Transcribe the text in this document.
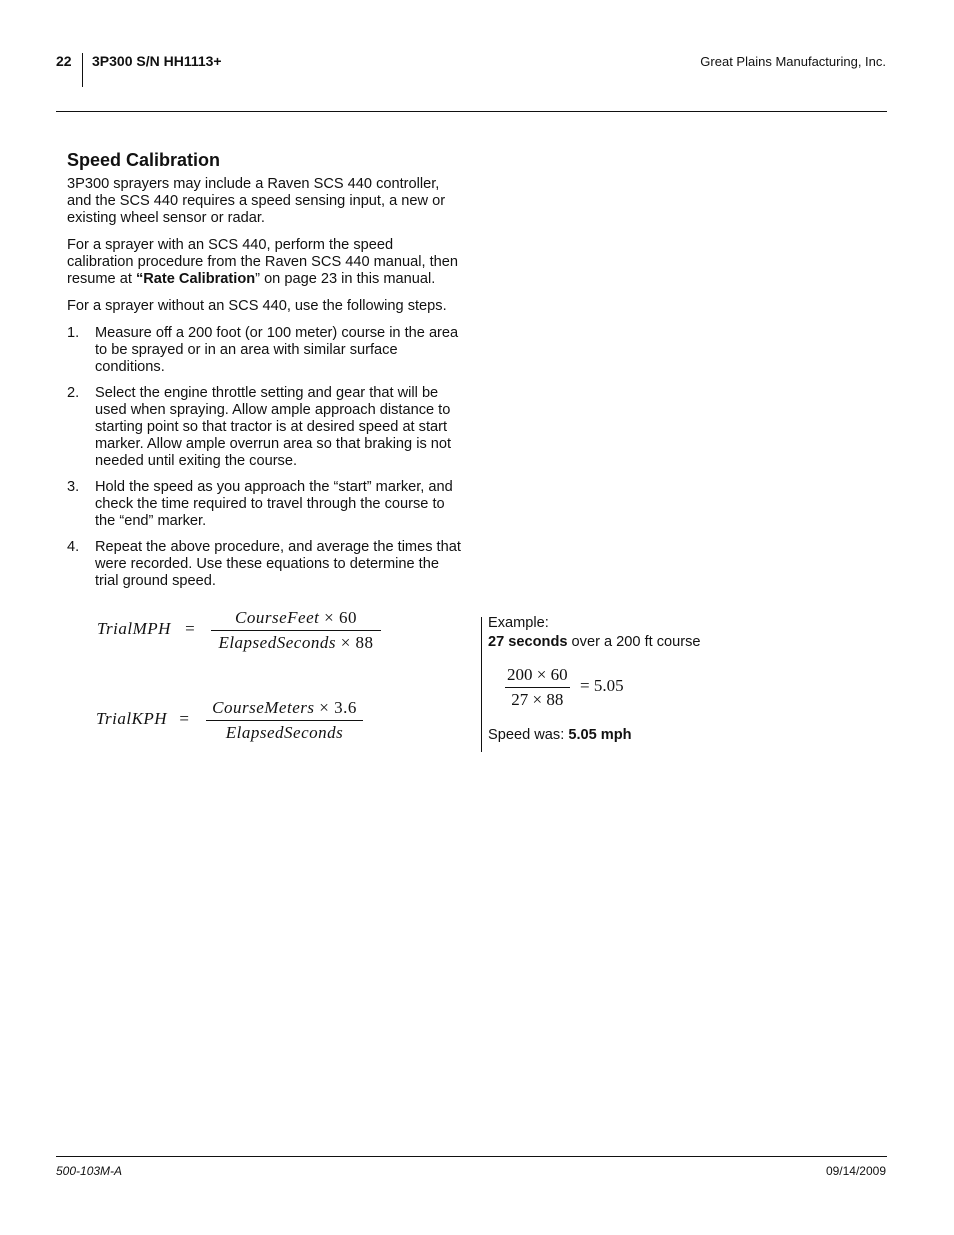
22 3P300 S/N HH1113+	Great Plains Manufacturing, Inc.
Speed Calibration

3P300 sprayers may include a Raven SCS 440 controller, and the SCS 440 requires a speed sensing input, a new or existing wheel sensor or radar.

For a sprayer with an SCS 440, perform the speed calibration procedure from the Raven SCS 440 manual, then resume at “Rate Calibration” on page 23 in this manual.

For a sprayer without an SCS 440, use the following steps.

1. Measure off a 200 foot (or 100 meter) course in the area to be sprayed or in an area with similar surface conditions.
2. Select the engine throttle setting and gear that will be used when spraying. Allow ample approach distance to starting point so that tractor is at desired speed at start marker. Allow ample overrun area so that braking is not needed until exiting the course.
3. Hold the speed as you approach the “start” marker, and check the time required to travel through the course to the “end” marker.
4. Repeat the above procedure, and average the times that were recorded. Use these equations to determine the trial ground speed.
TrialMPH =
CourseFeet × 60
ElapsedSeconds × 88
TrialKPH =
CourseMeters × 3.6
ElapsedSeconds
Example:
27 seconds over a 200 ft course
$\frac{200 \times 60}{27 \times 88} = 5.05$
Speed was: 5.05 mph
500-103M-A	09/14/2009
